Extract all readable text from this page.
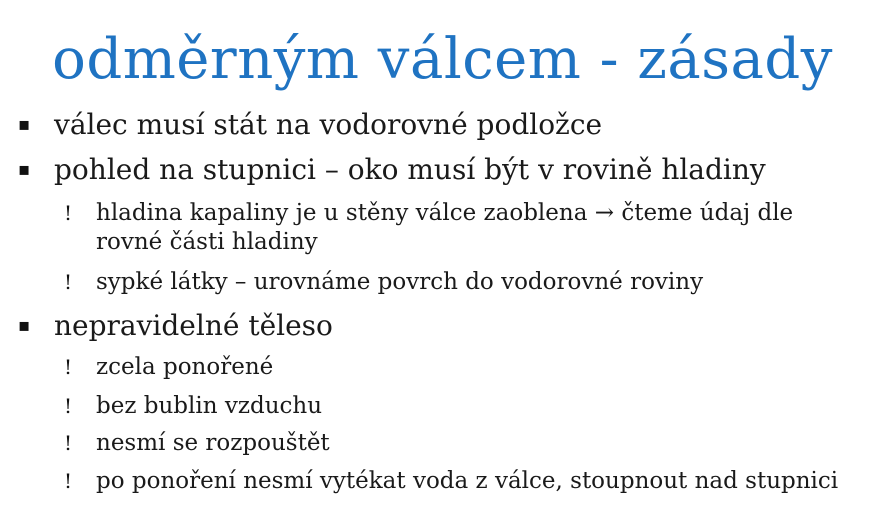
odměrným válcem - zásady
▪ válec musí stát na vodorovné podložce
▪ pohled na stupnici – oko musí být v rovině hladiny
! hladina kapaliny je u stěny válce zaoblena → čteme údaj dle rovné části hladiny
! sypké látky – urovnáme povrch do vodorovné roviny
▪ nepravidelné těleso
! zcela ponořené
! bez bublin vzduchu
! nesmí se rozpouštět
! po ponoření nesmí vytékat voda z válce, stoupnout nad stupnici
